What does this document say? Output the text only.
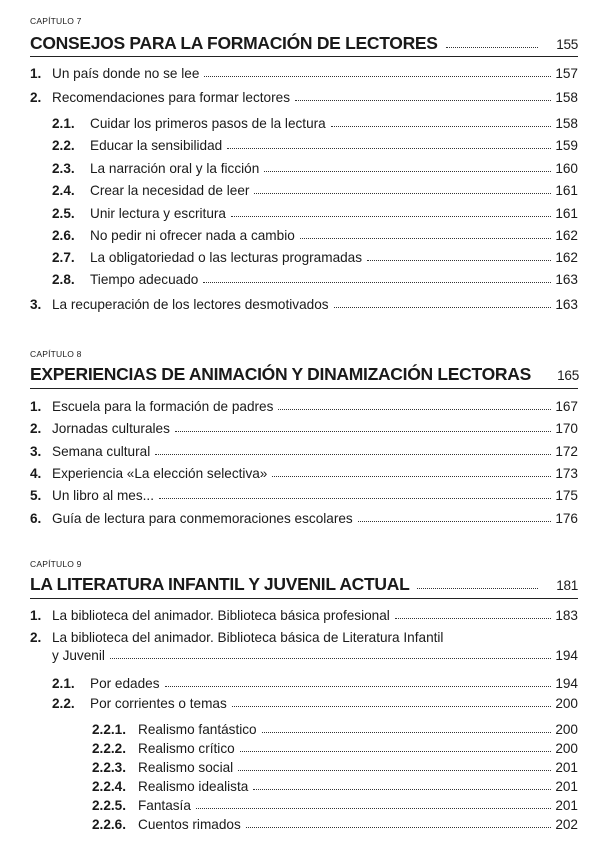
CAPÍTULO 7
CONSEJOS PARA LA FORMACIÓN DE LECTORES	155
1. Un país donde no se lee	157
2. Recomendaciones para formar lectores	158
2.1.	Cuidar los primeros pasos de la lectura	158
2.2.	Educar la sensibilidad	159
2.3.	La narración oral y la ficción	160
2.4.	Crear la necesidad de leer	161
2.5.	Unir lectura y escritura	161
2.6.	No pedir ni ofrecer nada a cambio	162
2.7.	La obligatoriedad o las lecturas programadas	162
2.8.	Tiempo adecuado	163
3. La recuperación de los lectores desmotivados	163
CAPÍTULO 8
EXPERIENCIAS DE ANIMACIÓN Y DINAMIZACIÓN LECTORAS	165
1. Escuela para la formación de padres	167
2. Jornadas culturales	170
3. Semana cultural	172
4. Experiencia «La elección selectiva»	173
5. Un libro al mes...	175
6. Guía de lectura para conmemoraciones escolares	176
CAPÍTULO 9
LA LITERATURA INFANTIL Y JUVENIL ACTUAL	181
1. La biblioteca del animador. Biblioteca básica profesional	183
2. La biblioteca del animador. Biblioteca básica de Literatura Infantil
y Juvenil	194
2.1.	Por edades	194
2.2.	Por corrientes o temas	200
2.2.1. Realismo fantástico	200
2.2.2. Realismo crítico	200
2.2.3. Realismo social	201
2.2.4. Realismo idealista	201
2.2.5. Fantasía	201
2.2.6. Cuentos rimados	202
